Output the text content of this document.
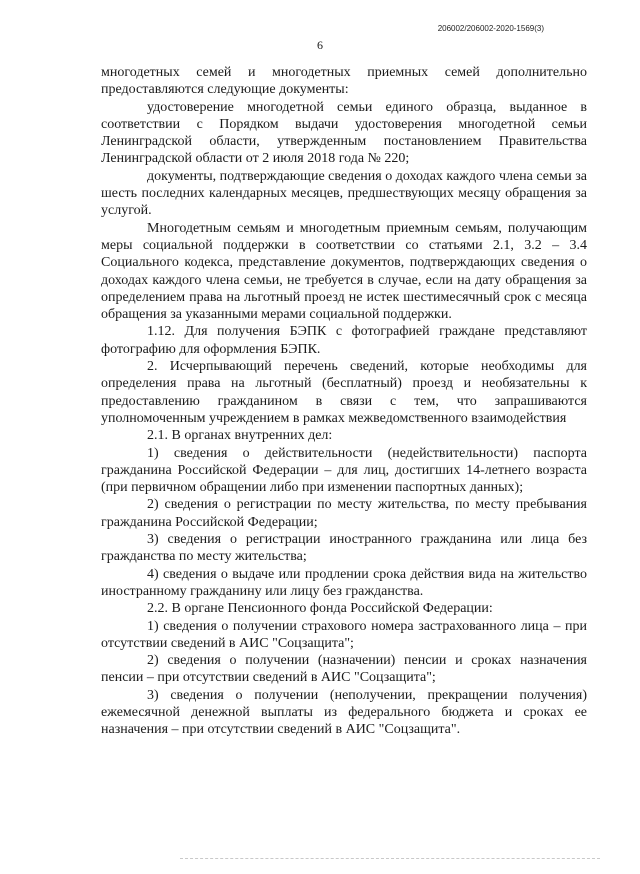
206002/206002-2020-1569(3)
6

многодетных семей и многодетных приемных семей дополнительно предоставляются следующие документы:

удостоверение многодетной семьи единого образца, выданное в соответствии с Порядком выдачи удостоверения многодетной семьи Ленинградской области, утвержденным постановлением Правительства Ленинградской области от 2 июля 2018 года № 220;

документы, подтверждающие сведения о доходах каждого члена семьи за шесть последних календарных месяцев, предшествующих месяцу обращения за услугой.

Многодетным семьям и многодетным приемным семьям, получающим меры социальной поддержки в соответствии со статьями 2.1, 3.2 – 3.4 Социального кодекса, представление документов, подтверждающих сведения о доходах каждого члена семьи, не требуется в случае, если на дату обращения за определением права на льготный проезд не истек шестимесячный срок с месяца обращения за указанными мерами социальной поддержки.

1.12. Для получения БЭПК с фотографией граждане представляют фотографию для оформления БЭПК.

2. Исчерпывающий перечень сведений, которые необходимы для определения права на льготный (бесплатный) проезд и необязательны к предоставлению гражданином в связи с тем, что запрашиваются уполномоченным учреждением в рамках межведомственного взаимодействия

2.1. В органах внутренних дел:

1) сведения о действительности (недействительности) паспорта гражданина Российской Федерации – для лиц, достигших 14-летнего возраста (при первичном обращении либо при изменении паспортных данных);

2) сведения о регистрации по месту жительства, по месту пребывания гражданина Российской Федерации;

3) сведения о регистрации иностранного гражданина или лица без гражданства по месту жительства;

4) сведения о выдаче или продлении срока действия вида на жительство иностранному гражданину или лицу без гражданства.

2.2. В органе Пенсионного фонда Российской Федерации:

1) сведения о получении страхового номера застрахованного лица – при отсутствии сведений в АИС "Соцзащита";

2) сведения о получении (назначении) пенсии и сроках назначения пенсии – при отсутствии сведений в АИС "Соцзащита";

3) сведения о получении (неполучении, прекращении получения) ежемесячной денежной выплаты из федерального бюджета и сроках ее назначения – при отсутствии сведений в АИС "Соцзащита".
